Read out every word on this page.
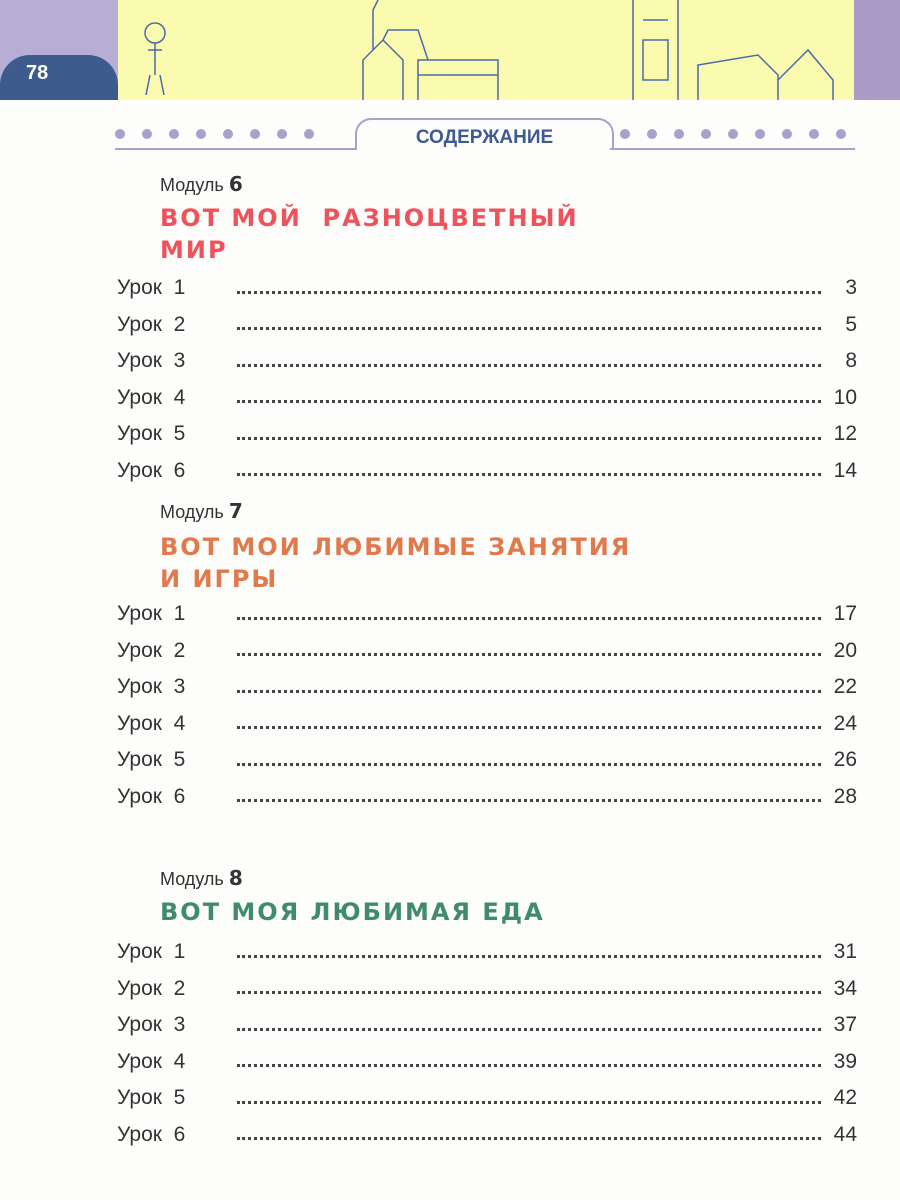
78
СОДЕРЖАНИЕ
Модуль 6
ВОТ МОЙ  РАЗНОЦВЕТНЫЙ
МИР
Урок  1	3
Урок  2	5
Урок  3	8
Урок  4	10
Урок  5	12
Урок  6	14
Модуль 7
ВОТ МОИ ЛЮБИМЫЕ ЗАНЯТИЯ
И ИГРЫ
Урок  1	17
Урок  2	20
Урок  3	22
Урок  4	24
Урок  5	26
Урок  6	28
Модуль 8
ВОТ МОЯ ЛЮБИМАЯ ЕДА
Урок  1	31
Урок  2	34
Урок  3	37
Урок  4	39
Урок  5	42
Урок  6	44
